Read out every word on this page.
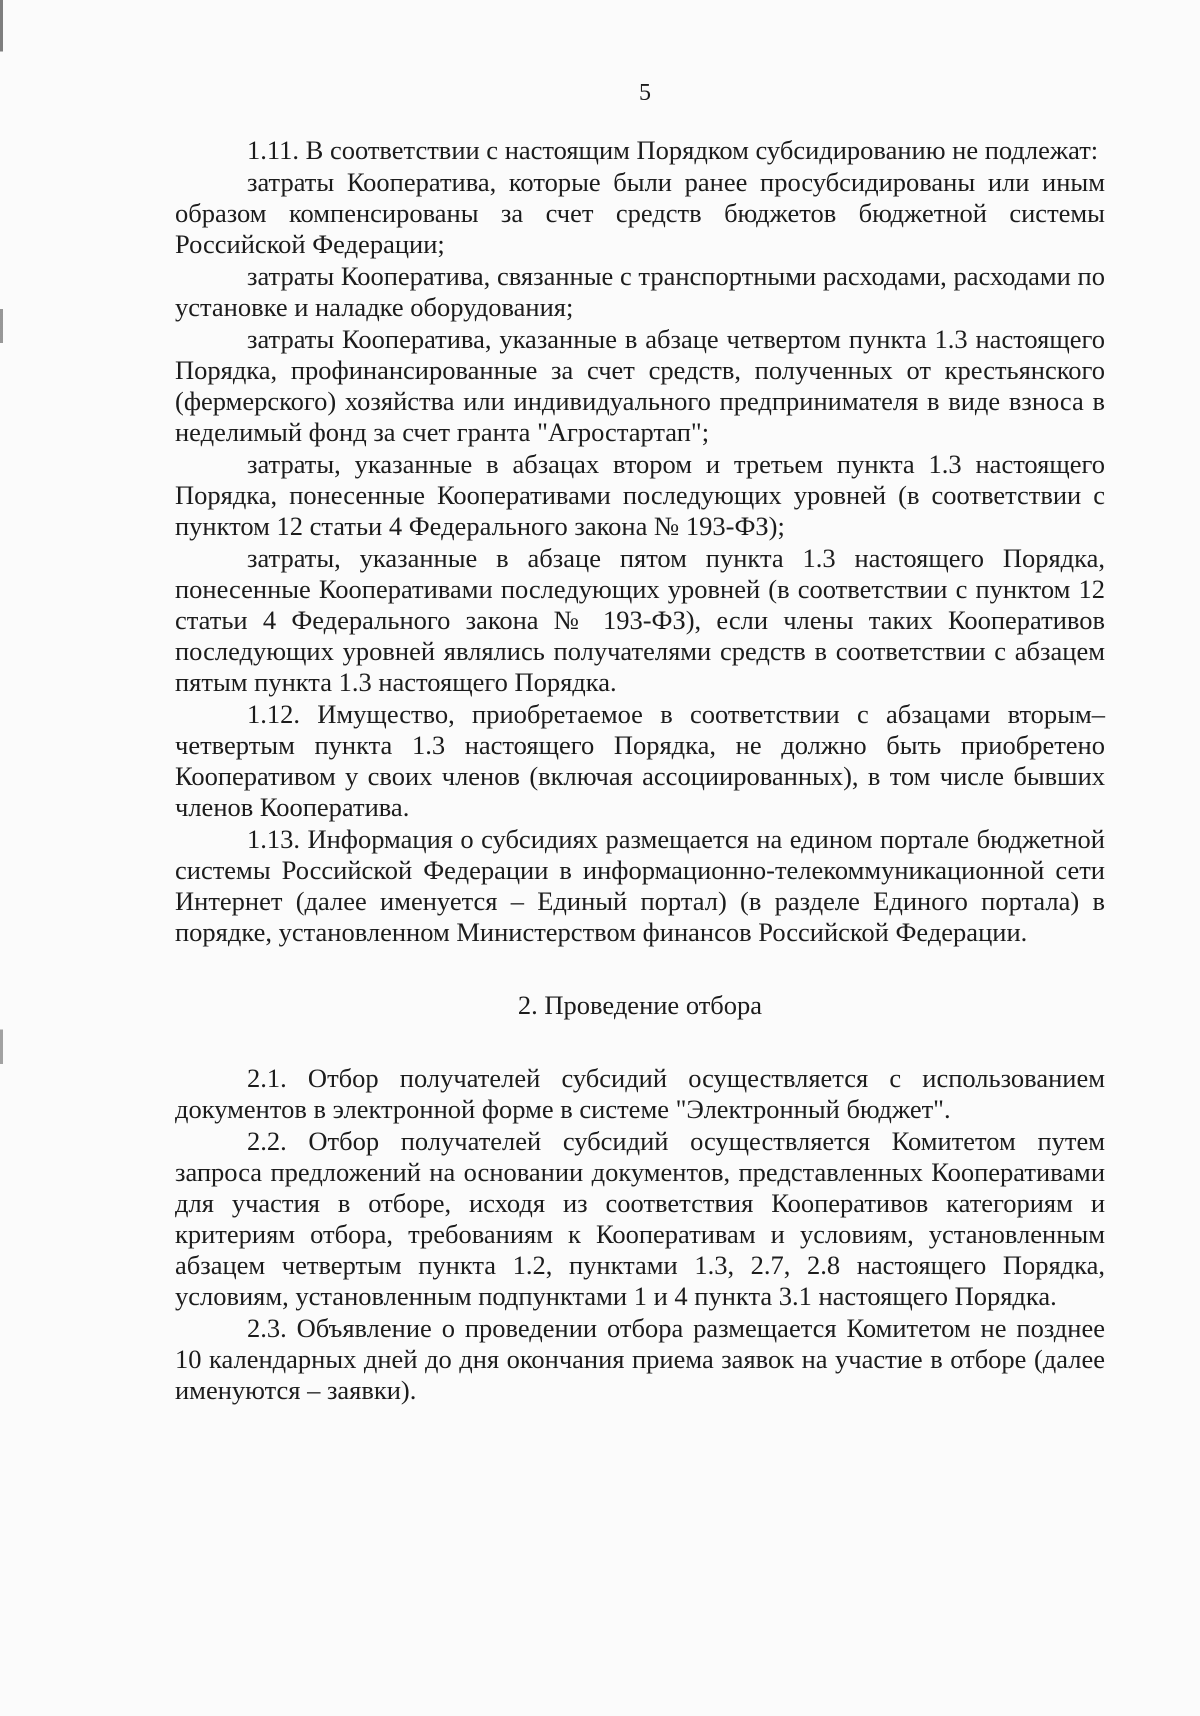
5

1.11. В соответствии с настоящим Порядком субсидированию не подлежат:

затраты Кооператива, которые были ранее просубсидированы или иным образом компенсированы за счет средств бюджетов бюджетной системы Российской Федерации;

затраты Кооператива, связанные с транспортными расходами, расходами по установке и наладке оборудования;

затраты Кооператива, указанные в абзаце четвертом пункта 1.3 настоящего Порядка, профинансированные за счет средств, полученных от крестьянского (фермерского) хозяйства или индивидуального предпринимателя в виде взноса в неделимый фонд за счет гранта "Агростартап";

затраты, указанные в абзацах втором и третьем пункта 1.3 настоящего Порядка, понесенные Кооперативами последующих уровней (в соответствии с пунктом 12 статьи 4 Федерального закона № 193-ФЗ);

затраты, указанные в абзаце пятом пункта 1.3 настоящего Порядка, понесенные Кооперативами последующих уровней (в соответствии с пунктом 12 статьи 4 Федерального закона № 193-ФЗ), если члены таких Кооперативов последующих уровней являлись получателями средств в соответствии с абзацем пятым пункта 1.3 настоящего Порядка.

1.12. Имущество, приобретаемое в соответствии с абзацами вторым–четвертым пункта 1.3 настоящего Порядка, не должно быть приобретено Кооперативом у своих членов (включая ассоциированных), в том числе бывших членов Кооператива.

1.13. Информация о субсидиях размещается на едином портале бюджетной системы Российской Федерации в информационно-телекоммуникационной сети Интернет (далее именуется – Единый портал) (в разделе Единого портала) в порядке, установленном Министерством финансов Российской Федерации.

2. Проведение отбора

2.1. Отбор получателей субсидий осуществляется с использованием документов в электронной форме в системе "Электронный бюджет".

2.2. Отбор получателей субсидий осуществляется Комитетом путем запроса предложений на основании документов, представленных Кооперативами для участия в отборе, исходя из соответствия Кооперативов категориям и критериям отбора, требованиям к Кооперативам и условиям, установленным абзацем четвертым пункта 1.2, пунктами 1.3, 2.7, 2.8 настоящего Порядка, условиям, установленным подпунктами 1 и 4 пункта 3.1 настоящего Порядка.

2.3. Объявление о проведении отбора размещается Комитетом не позднее 10 календарных дней до дня окончания приема заявок на участие в отборе (далее именуются – заявки).
